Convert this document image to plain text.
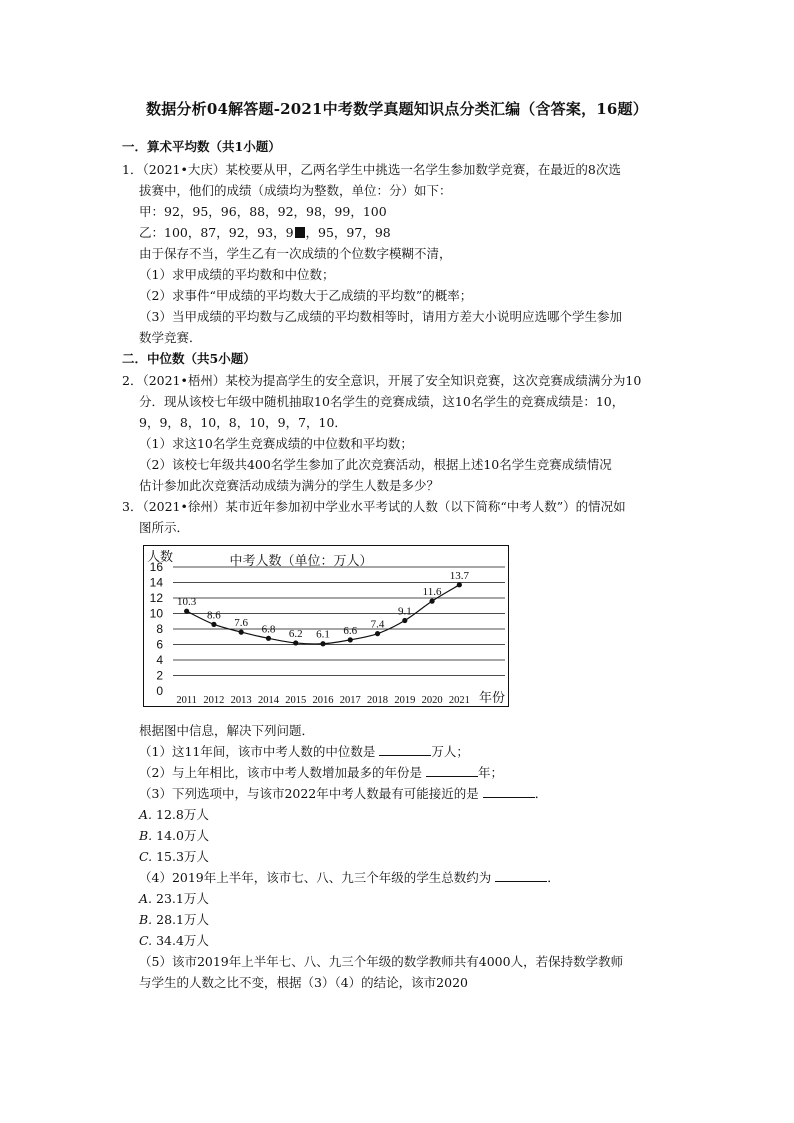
数据分析04解答题-2021中考数学真题知识点分类汇编（含答案，16题）
一．算术平均数（共1小题）
1．（2021•大庆）某校要从甲，乙两名学生中挑选一名学生参加数学竞赛，在最近的8次选
拔赛中，他们的成绩（成绩均为整数，单位：分）如下：
甲：92，95，96，88，92，98，99，100
乙：100，87，92，93，9 ，95，97，98
由于保存不当，学生乙有一次成绩的个位数字模糊不清，
（1）求甲成绩的平均数和中位数；
（2）求事件“甲成绩的平均数大于乙成绩的平均数”的概率；
（3）当甲成绩的平均数与乙成绩的平均数相等时，请用方差大小说明应选哪个学生参加
数学竞赛．
二．中位数（共5小题）
2．（2021•梧州）某校为提高学生的安全意识，开展了安全知识竞赛，这次竞赛成绩满分为10
分．现从该校七年级中随机抽取10名学生的竞赛成绩，这10名学生的竞赛成绩是：10，
9，9，8，10，8，10，9，7，10．
（1）求这10名学生竞赛成绩的中位数和平均数；
（2）该校七年级共400名学生参加了此次竞赛活动，根据上述10名学生竞赛成绩情况
估计参加此次竞赛活动成绩为满分的学生人数是多少？
3．（2021•徐州）某市近年参加初中学业水平考试的人数（以下简称“中考人数”）的情况如
图所示．
0
2
4
6
8
10
12
14
16
2011 2012 2013 2014 2015 2016 2017 2018 2019 2020 2021
10.3
8.6
7.6
6.8 6.2 6.1 6.6
7.4
9.1
11.6
13.7
中考人数（单位：万人）
人数
年份
根据图中信息，解决下列问题．
（1）这11年间，该市中考人数的中位数是	万人；
（2）与上年相比，该市中考人数增加最多的年份是	年；
（3）下列选项中，与该市2022年中考人数最有可能接近的是	．
A. 12.8万人
B. 14.0万人
C. 15.3万人
（4）2019年上半年，该市七、八、九三个年级的学生总数约为	．
A. 23.1万人
B. 28.1万人
C. 34.4万人
（5）该市2019年上半年七、八、九三个年级的数学教师共有4000人，若保持数学教师
与学生的人数之比不变，根据（3）（4）的结论，该市2020
